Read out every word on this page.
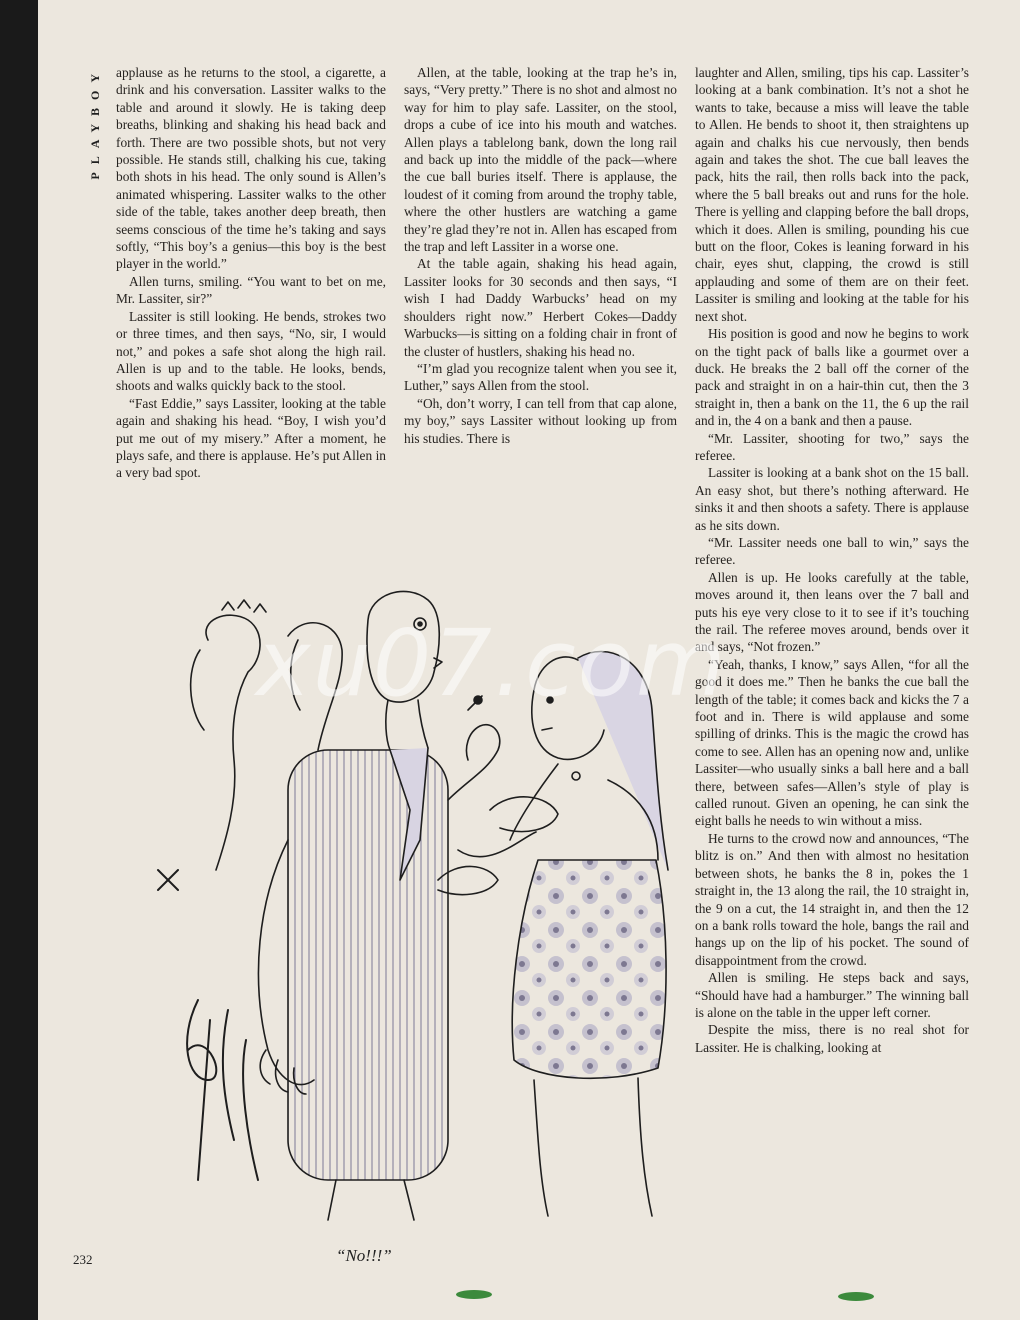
PLAYBOY applause as he returns to the stool, a cigarette, a drink and his conversation. Lassiter walks to the table and around it slowly. He is taking deep breaths, blinking and shaking his head back and forth. There are two possible shots, but not very possible. He stands still, chalking his cue, taking both shots in his head. The only sound is Allen’s animated whispering. Lassiter walks to the other side of the table, takes another deep breath, then seems conscious of the time he’s taking and says softly, “This boy’s a genius—this boy is the best player in the world.”

Allen turns, smiling. “You want to bet on me, Mr. Lassiter, sir?”

Lassiter is still looking. He bends, strokes two or three times, and then says, “No, sir, I would not,” and pokes a safe shot along the high rail. Allen is up and to the table. He looks, bends, shoots and walks quickly back to the stool.

“Fast Eddie,” says Lassiter, looking at the table again and shaking his head. “Boy, I wish you’d put me out of my misery.” After a moment, he plays safe, and there is applause. He’s put Allen in a very bad spot.

Allen, at the table, looking at the trap he’s in, says, “Very pretty.” There is no shot and almost no way for him to play safe. Lassiter, on the stool, drops a cube of ice into his mouth and watches. Allen plays a tablelong bank, down the long rail and back up into the middle of the pack—where the cue ball buries itself. There is applause, the loudest of it coming from around the trophy table, where the other hustlers are watching a game they’re glad they’re not in. Allen has escaped from the trap and left Lassiter in a worse one.

At the table again, shaking his head again, Lassiter looks for 30 seconds and then says, “I wish I had Daddy Warbucks’ head on my shoulders right now.” Herbert Cokes—Daddy Warbucks—is sitting on a folding chair in front of the cluster of hustlers, shaking his head no.

“I’m glad you recognize talent when you see it, Luther,” says Allen from the stool.

“Oh, don’t worry, I can tell from that cap alone, my boy,” says Lassiter without looking up from his studies. There is

laughter and Allen, smiling, tips his cap. Lassiter’s looking at a bank combination. It’s not a shot he wants to take, because a miss will leave the table to Allen. He bends to shoot it, then straightens up again and chalks his cue nervously, then bends again and takes the shot. The cue ball leaves the pack, hits the rail, then rolls back into the pack, where the 5 ball breaks out and runs for the hole. There is yelling and clapping before the ball drops, which it does. Allen is smiling, pounding his cue butt on the floor, Cokes is leaning forward in his chair, eyes shut, clapping, the crowd is still applauding and some of them are on their feet. Lassiter is smiling and looking at the table for his next shot.

His position is good and now he begins to work on the tight pack of balls like a gourmet over a duck. He breaks the 2 ball off the corner of the pack and straight in on a hair-thin cut, then the 3 straight in, then a bank on the 11, the 6 up the rail and in, the 4 on a bank and then a pause.

“Mr. Lassiter, shooting for two,” says the referee.

Lassiter is looking at a bank shot on the 15 ball. An easy shot, but there’s nothing afterward. He sinks it and then shoots a safety. There is applause as he sits down.

“Mr. Lassiter needs one ball to win,” says the referee.

Allen is up. He looks carefully at the table, moves around it, then leans over the 7 ball and puts his eye very close to it to see if it’s touching the rail. The referee moves around, bends over it and says, “Not frozen.”

“Yeah, thanks, I know,” says Allen, “for all the good it does me.” Then he banks the cue ball the length of the table; it comes back and kicks the 7 a foot and in. There is wild applause and some spilling of drinks. This is the magic the crowd has come to see. Allen has an opening now and, unlike Lassiter—who usually sinks a ball here and a ball there, between safes—Allen’s style of play is called runout. Given an opening, he can sink the eight balls he needs to win without a miss.

He turns to the crowd now and announces, “The blitz is on.” And then with almost no hesitation between shots, he banks the 8 in, pokes the 1 straight in, the 13 along the rail, the 10 straight in, the 9 on a cut, the 14 straight in, and then the 12 on a bank rolls toward the hole, bangs the rail and hangs up on the lip of his pocket. The sound of disappointment from the crowd.

Allen is smiling. He steps back and says, “Should have had a hamburger.” The winning ball is alone on the table in the upper left corner.

Despite the miss, there is no real shot for Lassiter. He is chalking, looking at

xu07.com
“No!!!”
232
